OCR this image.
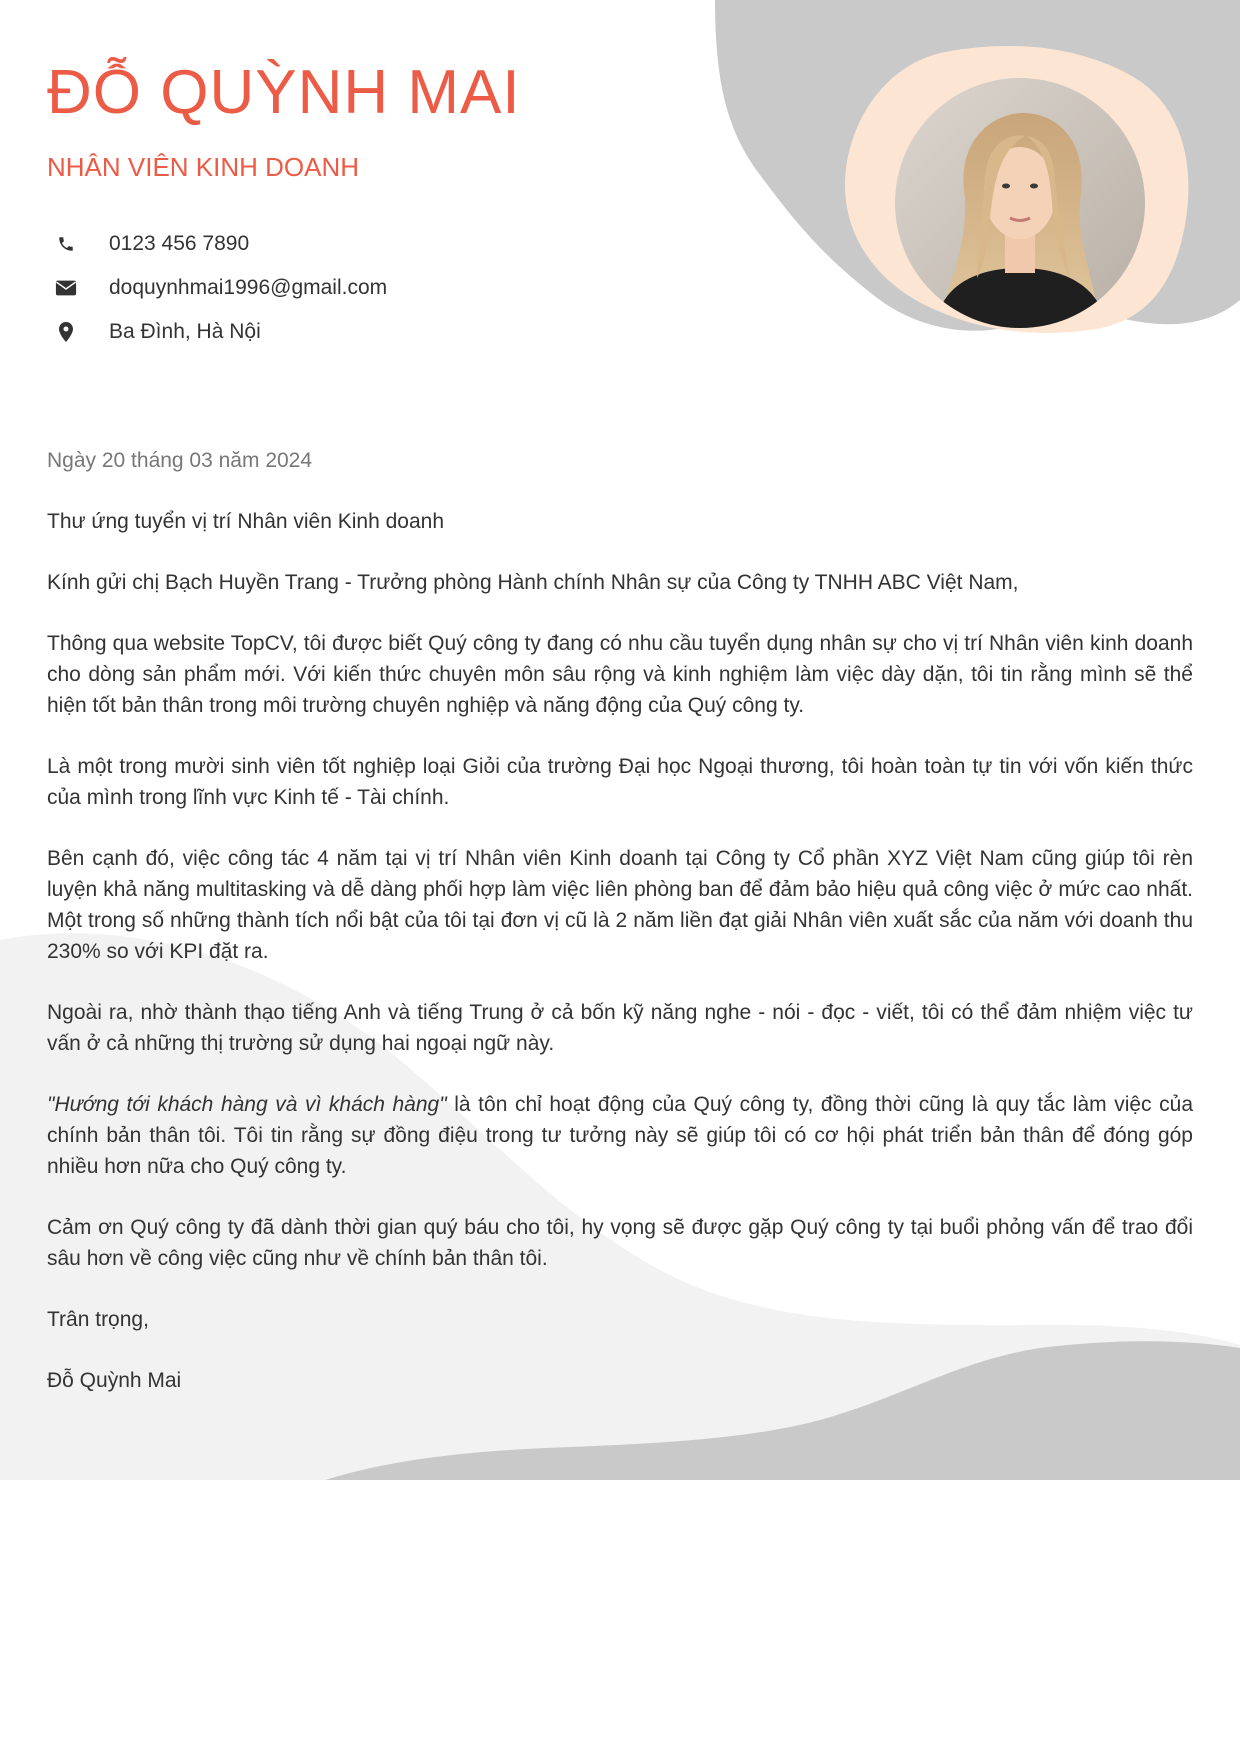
ĐỖ QUỲNH MAI
NHÂN VIÊN KINH DOANH
0123 456 7890
doquynhmai1996@gmail.com
Ba Đình, Hà Nội
Ngày 20 tháng 03 năm 2024

Thư ứng tuyển vị trí Nhân viên Kinh doanh

Kính gửi chị Bạch Huyền Trang - Trưởng phòng Hành chính Nhân sự của Công ty TNHH ABC Việt Nam,

Thông qua website TopCV, tôi được biết Quý công ty đang có nhu cầu tuyển dụng nhân sự cho vị trí Nhân viên kinh doanh cho dòng sản phẩm mới. Với kiến thức chuyên môn sâu rộng và kinh nghiệm làm việc dày dặn, tôi tin rằng mình sẽ thể hiện tốt bản thân trong môi trường chuyên nghiệp và năng động của Quý công ty.

Là một trong mười sinh viên tốt nghiệp loại Giỏi của trường Đại học Ngoại thương, tôi hoàn toàn tự tin với vốn kiến thức của mình trong lĩnh vực Kinh tế - Tài chính.

Bên cạnh đó, việc công tác 4 năm tại vị trí Nhân viên Kinh doanh tại Công ty Cổ phần XYZ Việt Nam cũng giúp tôi rèn luyện khả năng multitasking và dễ dàng phối hợp làm việc liên phòng ban để đảm bảo hiệu quả công việc ở mức cao nhất. Một trong số những thành tích nổi bật của tôi tại đơn vị cũ là 2 năm liền đạt giải Nhân viên xuất sắc của năm với doanh thu 230% so với KPI đặt ra.

Ngoài ra, nhờ thành thạo tiếng Anh và tiếng Trung ở cả bốn kỹ năng nghe - nói - đọc - viết, tôi có thể đảm nhiệm việc tư vấn ở cả những thị trường sử dụng hai ngoại ngữ này.

"Hướng tới khách hàng và vì khách hàng" là tôn chỉ hoạt động của Quý công ty, đồng thời cũng là quy tắc làm việc của chính bản thân tôi. Tôi tin rằng sự đồng điệu trong tư tưởng này sẽ giúp tôi có cơ hội phát triển bản thân để đóng góp nhiều hơn nữa cho Quý công ty.

Cảm ơn Quý công ty đã dành thời gian quý báu cho tôi, hy vọng sẽ được gặp Quý công ty tại buổi phỏng vấn để trao đổi sâu hơn về công việc cũng như về chính bản thân tôi.

Trân trọng,

Đỗ Quỳnh Mai
